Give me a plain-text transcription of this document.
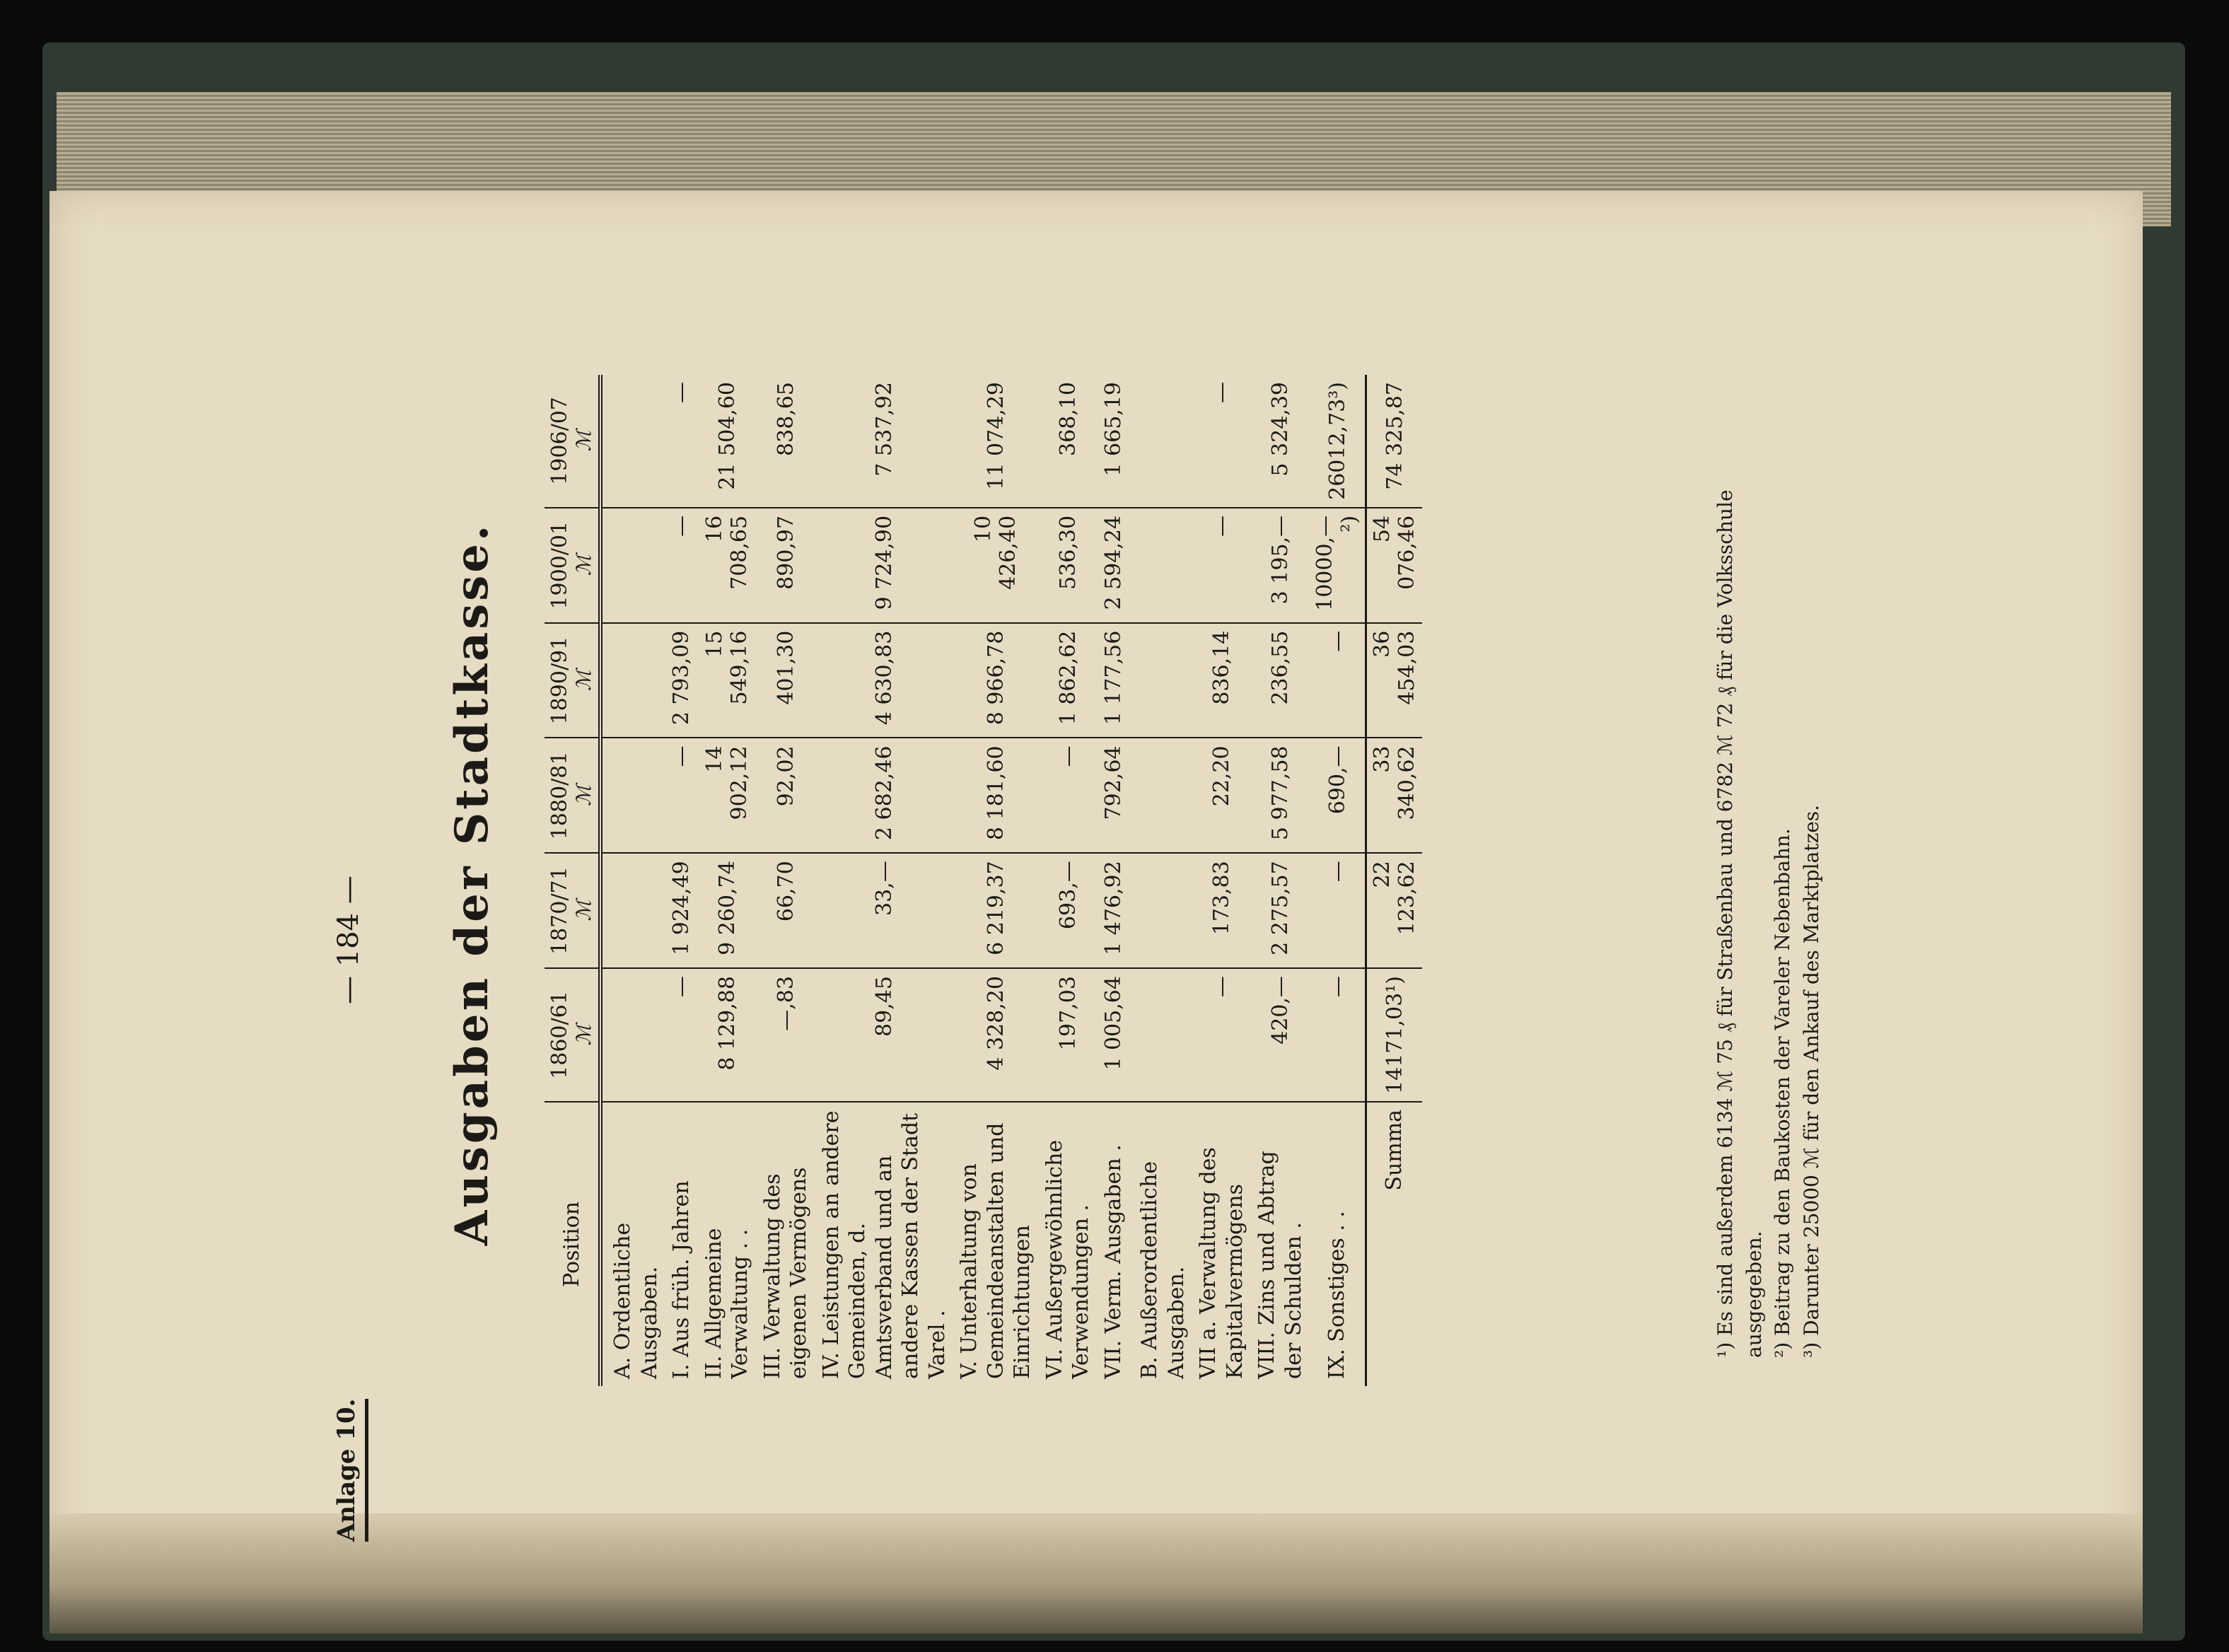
Anlage 10.
— 184 — Ausgaben der Stadtkasse.	Position	1860/61 ℳ	1870/71 ℳ	1880/81 ℳ	1890/91 ℳ	1900/01 ℳ	1906/07 ℳ

A. Ordentliche Ausgaben.						
I. Aus früh. Jahren	—	1 924,49	—	2 793,09	—	—
II. Allgemeine Verwaltung . .	8 129,88	9 260,74	14 902,12	15 549,16	16 708,65	21 504,60
III. Verwaltung des eigenen Vermögens	—,83	66,70	92,02	401,30	890,97	838,65
IV. Leistungen an andere Gemeinden, d. Amtsverband und an andere Kassen der Stadt Varel .	89,45	33,—	2 682,46	4 630,83	9 724,90	7 537,92
V. Unterhaltung von Gemeindeanstalten und Einrichtungen	4 328,20	6 219,37	8 181,60	8 966,78	10 426,40	11 074,29
VI. Außergewöhnliche Verwendungen .	197,03	693,—	—	1 862,62	536,30	368,10
VII. Verm. Ausgaben .	1 005,64	1 476,92	792,64	1 177,56	2 594,24	1 665,19
B. Außerordentliche Ausgaben.						
VII a. Verwaltung des Kapitalvermögens	—	173,83	22,20	836,14	—	—
VIII. Zins und Abtrag der Schulden .	420,—	2 275,57	5 977,58	236,55	3 195,—	5 324,39
IX. Sonstiges . .	—	—	690,—	—	10000,—²)	26012,73³)
Summa	14171,03¹)	22 123,62	33 340,62	36 454,03	54 076,46	74 325,87
¹) Es sind außerdem 6134 ℳ 75 ₰ für Straßenbau und 6782 ℳ 72 ₰ für die Volksschule ausgegeben. ²) Beitrag zu den Baukosten der Vareler Nebenbahn. ³) Darunter 25000 ℳ für den Ankauf des Marktplatzes.
